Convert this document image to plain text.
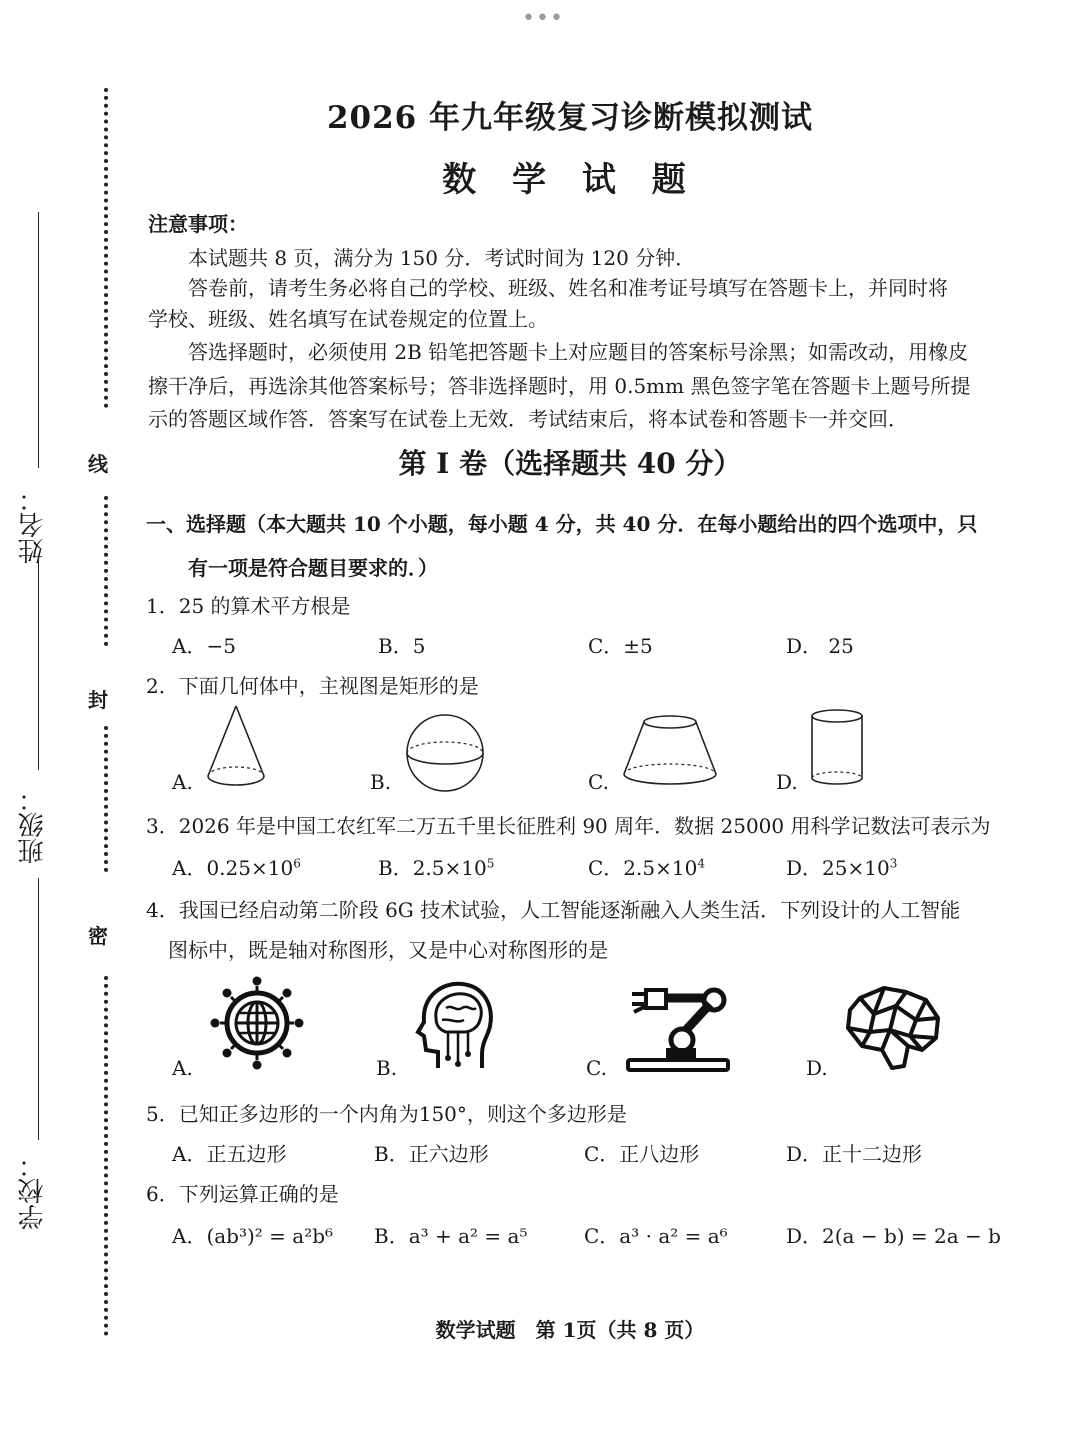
•••
线
封
密
姓名：
班级：
学校：
2026 年九年级复习诊断模拟测试
数 学 试 题
注意事项：
本试题共 8 页，满分为 150 分．考试时间为 120 分钟．
答卷前，请考生务必将自己的学校、班级、姓名和准考证号填写在答题卡上，并同时将
学校、班级、姓名填写在试卷规定的位置上。
答选择题时，必须使用 2B 铅笔把答题卡上对应题目的答案标号涂黑；如需改动，用橡皮
擦干净后，再选涂其他答案标号；答非选择题时，用 0.5mm 黑色签字笔在答题卡上题号所提
示的答题区域作答．答案写在试卷上无效．考试结束后，将本试卷和答题卡一并交回．
第 I 卷（选择题共 40 分）
一、选择题（本大题共 10 个小题，每小题 4 分，共 40 分．在每小题给出的四个选项中，只
有一项是符合题目要求的．）
1．25 的算术平方根是
A．−5	B．5	C．±5	D． 25
2．下面几何体中，主视图是矩形的是
A.	B.	C.	D.
3．2026 年是中国工农红军二万五千里长征胜利 90 周年．数据 25000 用科学记数法可表示为
A．$0.25\times 10^6$	B．$2.5\times 10^5$	C．$2.5\times 10^4$	D．$25\times 10^3$
4．我国已经启动第二阶段 6G 技术试验，人工智能逐渐融入人类生活．下列设计的人工智能
图标中，既是轴对称图形，又是中心对称图形的是
A.	B.	C.	D.
5．已知正多边形的一个内角为150°，则这个多边形是
A．正五边形	B．正六边形	C．正八边形	D．正十二边形
6．下列运算正确的是
A．(ab³)² = a²b⁶ B．a³ + a² = a⁵	C．a³ · a² = a⁶	D．2(a − b) = 2a − b
数学试题　第 1页（共 8 页）
